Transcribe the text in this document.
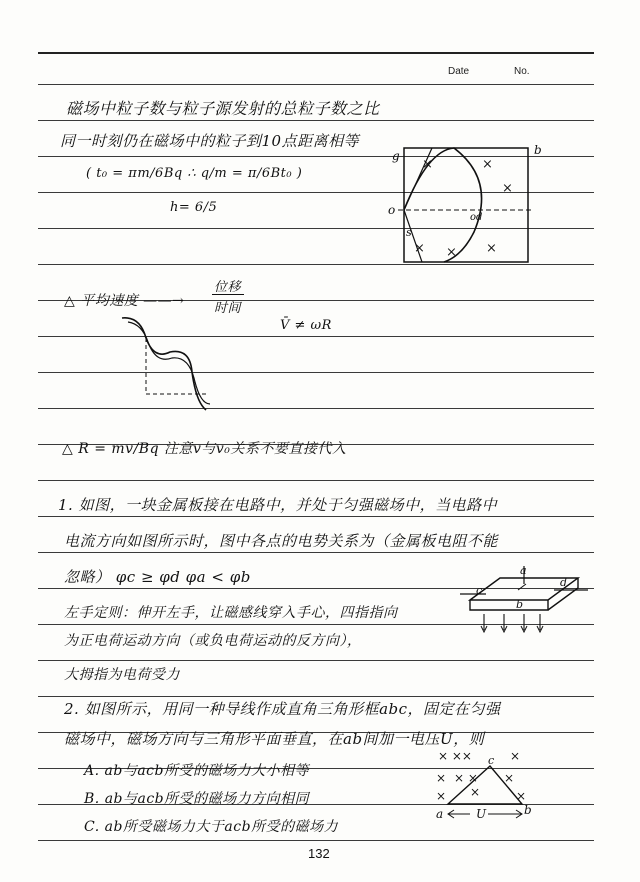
Date	No.
磁场中粒子数与粒子源发射的总粒子数之比
同一时刻仍在磁场中的粒子到10点距离相等
( t₀ = πm/6Bq ∴ q/m = π/6Bt₀ )
h= 6/5
△ 平均速度 ——→
位移
时间
V̄ ≠ ωR
△ R = mv/Bq 注意v与v₀关系不要直接代入
1. 如图，一块金属板接在电路中，并处于匀强磁场中，当电路中
电流方向如图所示时，图中各点的电势关系为（金属板电阻不能
忽略） φc ≥ φd φa < φb
左手定则：伸开左手，让磁感线穿入手心，四指指向
为正电荷运动方向（或负电荷运动的反方向），
大拇指为电荷受力
2. 如图所示，用同一种导线作成直角三角形框abc，固定在匀强
磁场中，磁场方向与三角形平面垂直，在ab间加一电压U，则
A. ab与acb所受的磁场力大小相等
B. ab与acb所受的磁场力方向相同
C. ab所受磁场力大于acb所受的磁场力
×	×
×
× × ×
b
g
o
s
od
a
b
c
d
× ××	×
× × × ×
× ×	×
c
a	b
U
132
